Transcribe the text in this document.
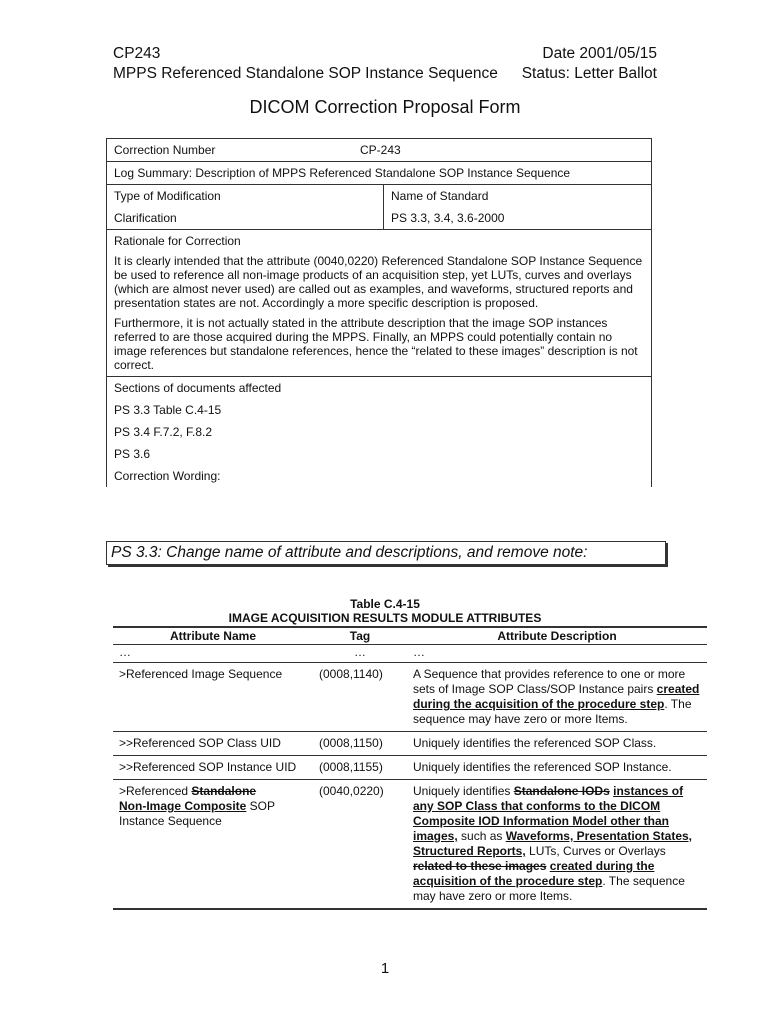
CP243	Date 2001/05/15
MPPS Referenced Standalone SOP Instance Sequence Status: Letter Ballot
DICOM Correction Proposal Form
Correction Number	CP-243
Log Summary: Description of MPPS Referenced Standalone SOP Instance Sequence
Type of Modification	Name of Standard
Clarification	PS 3.3, 3.4, 3.6-2000
Rationale for Correction

It is clearly intended that the attribute (0040,0220) Referenced Standalone SOP Instance Sequence be used to reference all non-image products of an acquisition step, yet LUTs, curves and overlays (which are almost never used) are called out as examples, and waveforms, structured reports and presentation states are not. Accordingly a more specific description is proposed.

Furthermore, it is not actually stated in the attribute description that the image SOP instances referred to are those acquired during the MPPS. Finally, an MPPS could potentially contain no image references but standalone references, hence the “related to these images” description is not correct.

Sections of documents affected
PS 3.3 Table C.4-15
PS 3.4 F.7.2, F.8.2
PS 3.6
Correction Wording:
PS 3.3: Change name of attribute and descriptions, and remove note:
Table C.4-15
IMAGE ACQUISITION RESULTS MODULE ATTRIBUTES
Attribute Name	Tag	Attribute Description
…	…	…
>Referenced Image Sequence	(0008,1140)	A Sequence that provides reference to one or more sets of Image SOP Class/SOP Instance pairs created during the acquisition of the procedure step. The sequence may have zero or more Items.
>>Referenced SOP Class UID	(0008,1150)	Uniquely identifies the referenced SOP Class.
>>Referenced SOP Instance UID	(0008,1155)	Uniquely identifies the referenced SOP Instance.
>Referenced Standalone
Non-Image Composite SOP Instance Sequence	(0040,0220)	Uniquely identifies Standalone IODs instances of any SOP Class that conforms to the DICOM Composite IOD Information Model other than images, such as Waveforms, Presentation States, Structured Reports, LUTs, Curves or Overlays related to these images created during the acquisition of the procedure step. The sequence may have zero or more Items.
1
